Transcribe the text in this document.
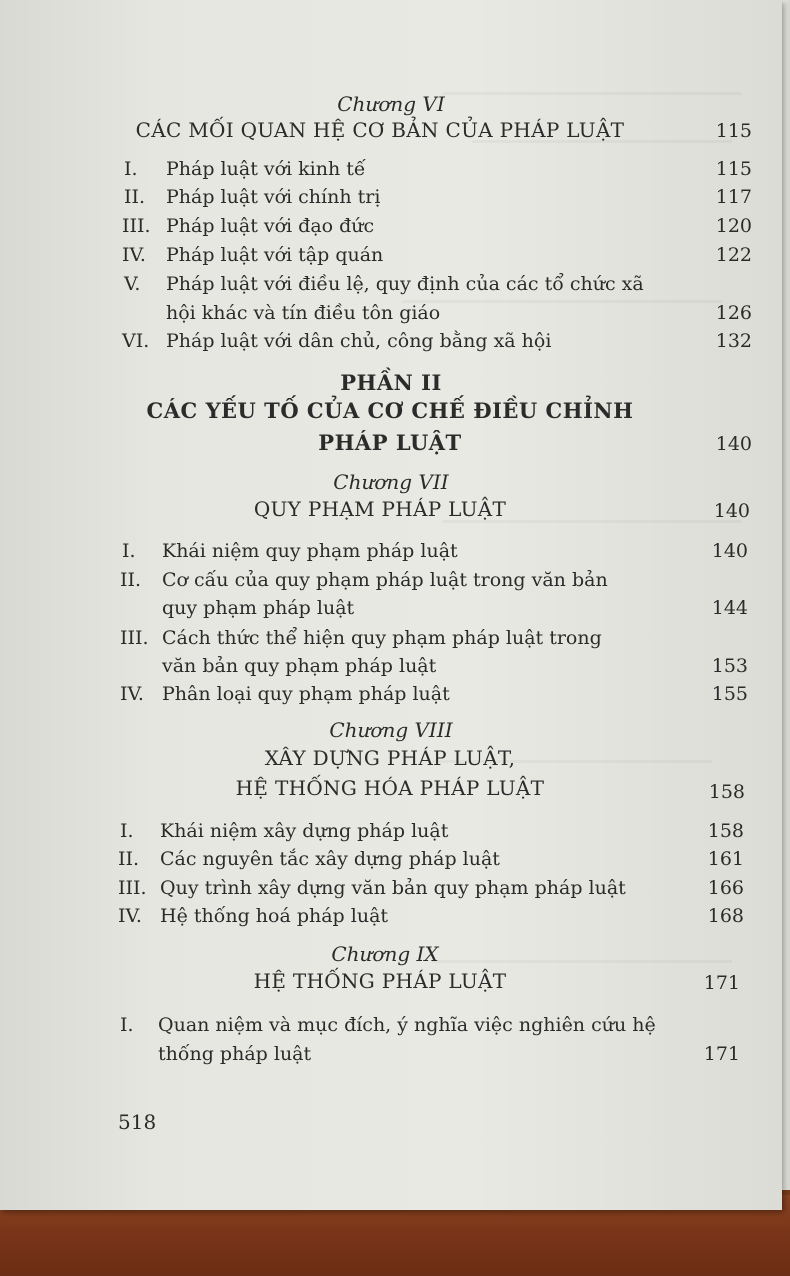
Chương VI
CÁC MỐI QUAN HỆ CƠ BẢN CỦA PHÁP LUẬT	115
I. Pháp luật với kinh tế	115
II. Pháp luật với chính trị	117
III. Pháp luật với đạo đức	120
IV. Pháp luật với tập quán	122
V. Pháp luật với điều lệ, quy định của các tổ chức xã
hội khác và tín điều tôn giáo	126
VI. Pháp luật với dân chủ, công bằng xã hội	132
PHẦN II
CÁC YẾU TỐ CỦA CƠ CHẾ ĐIỀU CHỈNH
PHÁP LUẬT	140
Chương VII
QUY PHẠM PHÁP LUẬT	140
I. Khái niệm quy phạm pháp luật	140
II. Cơ cấu của quy phạm pháp luật trong văn bản
quy phạm pháp luật	144
III. Cách thức thể hiện quy phạm pháp luật trong
văn bản quy phạm pháp luật	153
IV. Phân loại quy phạm pháp luật	155
Chương VIII
XÂY DỰNG PHÁP LUẬT,
HỆ THỐNG HÓA PHÁP LUẬT	158
I. Khái niệm xây dựng pháp luật	158
II. Các nguyên tắc xây dựng pháp luật	161
III. Quy trình xây dựng văn bản quy phạm pháp luật	166
IV. Hệ thống hoá pháp luật	168
Chương IX
HỆ THỐNG PHÁP LUẬT	171
I. Quan niệm và mục đích, ý nghĩa việc nghiên cứu hệ
thống pháp luật	171
518
